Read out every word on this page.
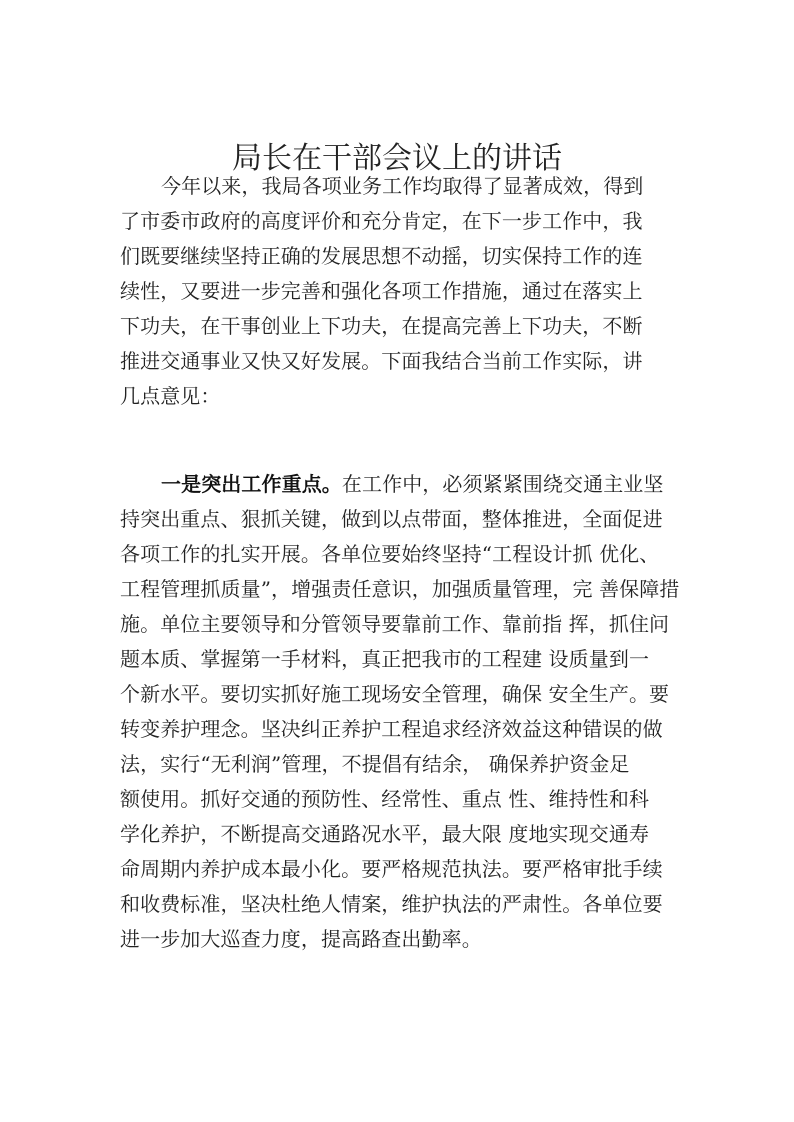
局长在干部会议上的讲话
今年以来，我局各项业务工作均取得了显著成效，得到
了市委市政府的高度评价和充分肯定，在下一步工作中，我
们既要继续坚持正确的发展思想不动摇，切实保持工作的连
续性，又要进一步完善和强化各项工作措施，通过在落实上
下功夫，在干事创业上下功夫，在提高完善上下功夫，不断
推进交通事业又快又好发展。下面我结合当前工作实际，讲
几点意见：
一是突出工作重点。在工作中，必须紧紧围绕交通主业坚
持突出重点、狠抓关键，做到以点带面，整体推进，全面促进
各项工作的扎实开展。各单位要始终坚持“工程设计抓 优化、
工程管理抓质量”，增强责任意识，加强质量管理，完 善保障措
施。单位主要领导和分管领导要靠前工作、靠前指 挥，抓住问
题本质、掌握第一手材料，真正把我市的工程建 设质量到一
个新水平。要切实抓好施工现场安全管理，确保 安全生产。要
转变养护理念。坚决纠正养护工程追求经济效益这种错误的做
法，实行“无利润”管理，不提倡有结余， 确保养护资金足
额使用。抓好交通的预防性、经常性、重点 性、维持性和科
学化养护，不断提高交通路况水平，最大限 度地实现交通寿
命周期内养护成本最小化。要严格规范执法。要严格审批手续
和收费标准，坚决杜绝人情案，维护执法的严肃性。各单位要
进一步加大巡查力度，提高路查出勤率。
